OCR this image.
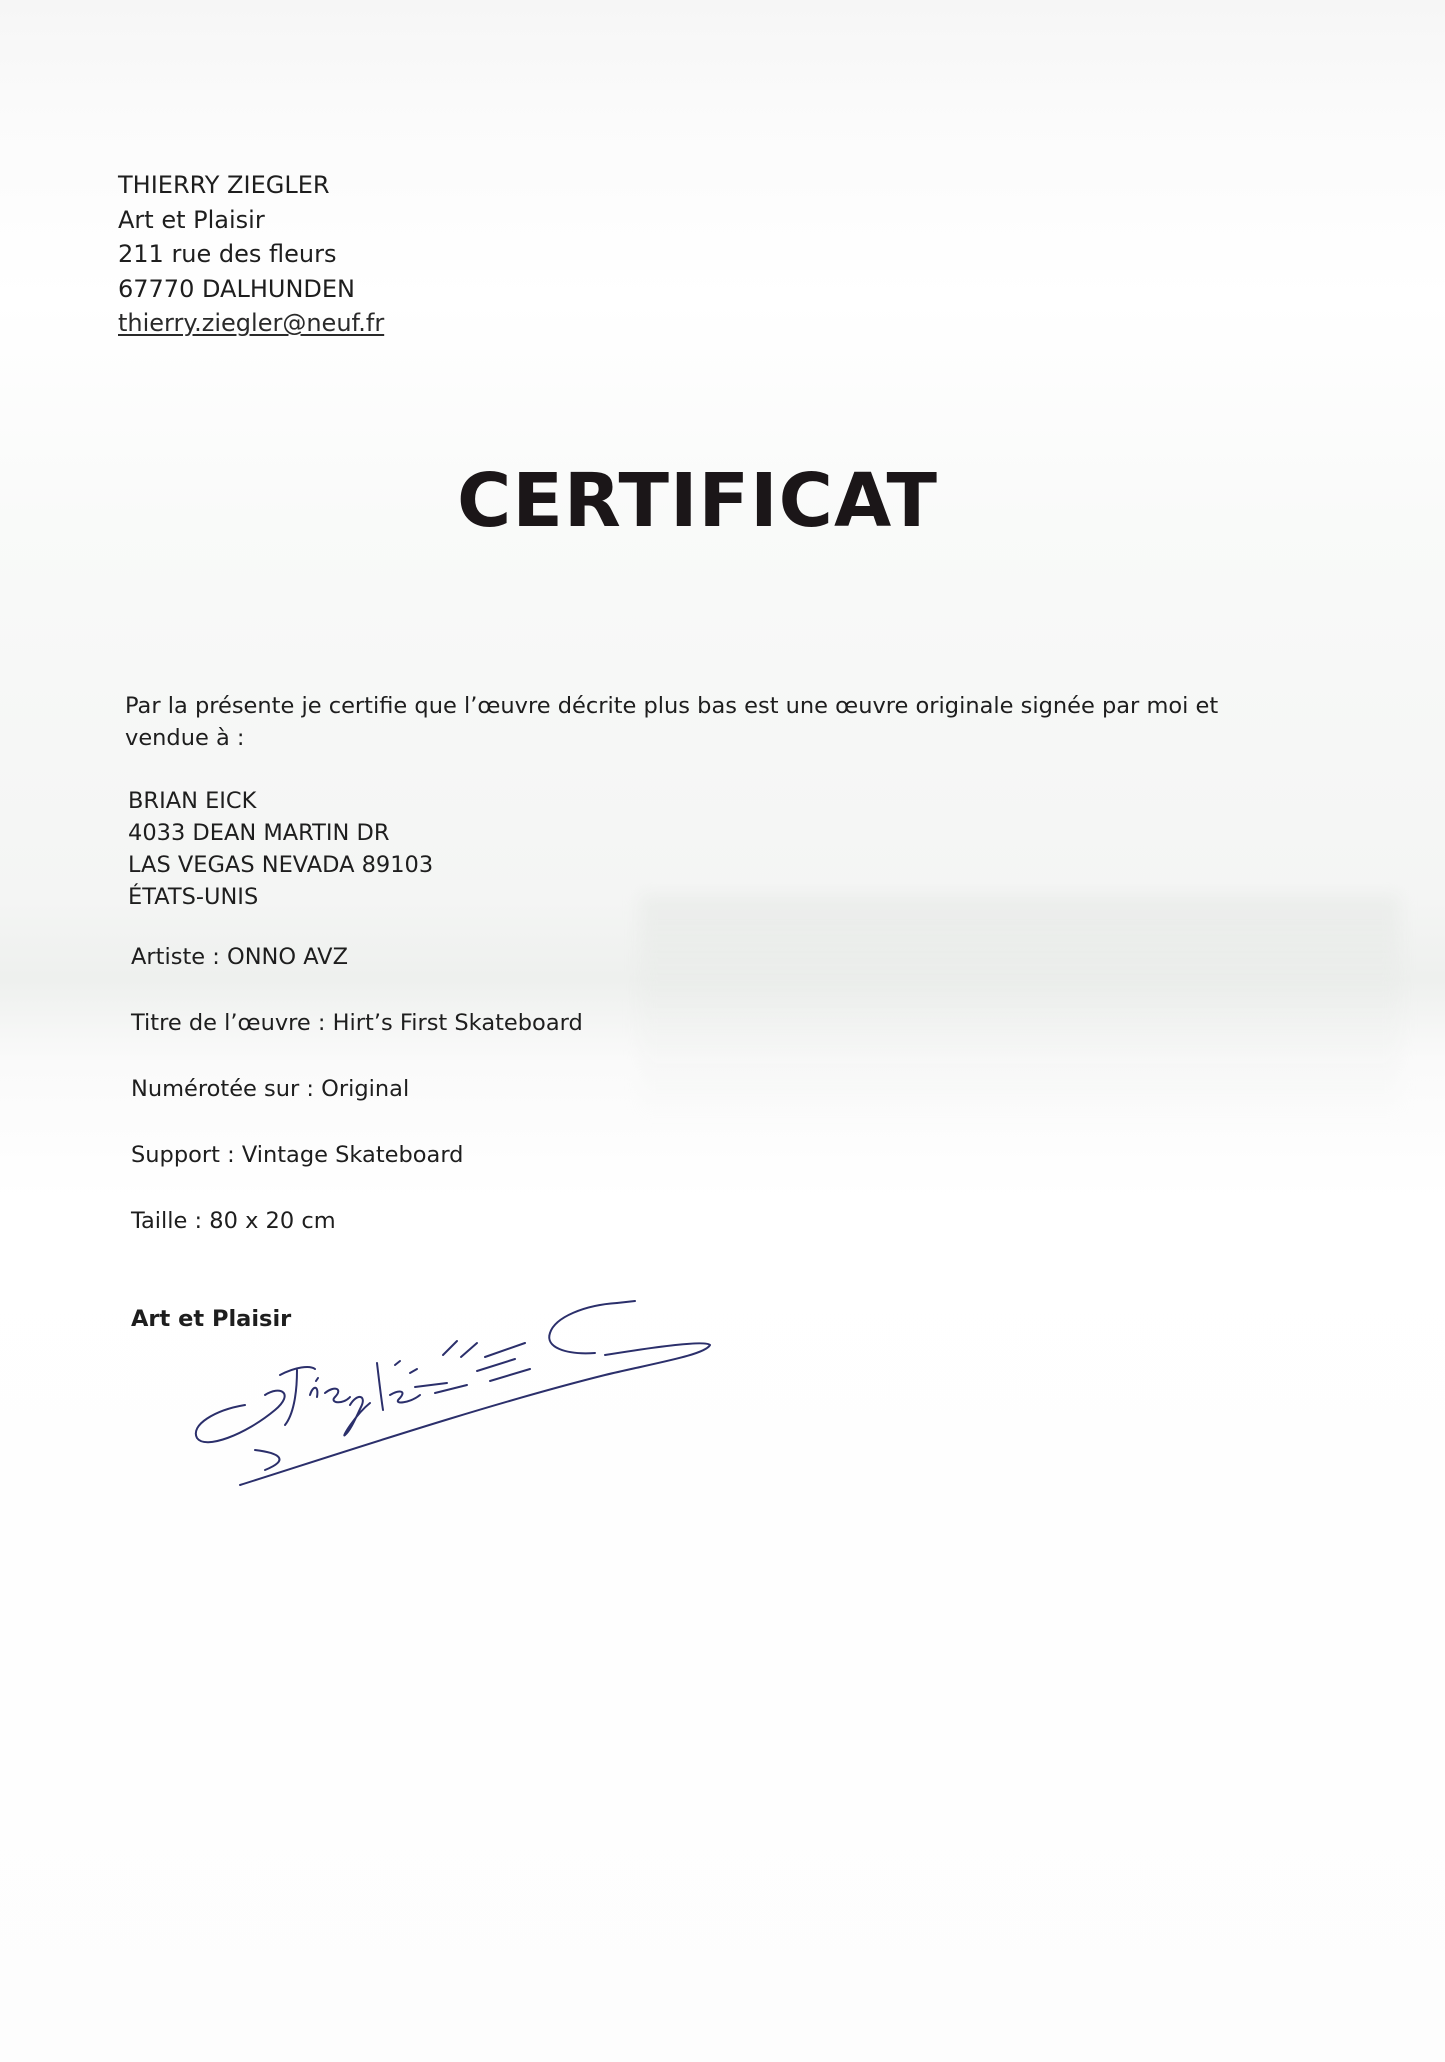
THIERRY ZIEGLER
Art et Plaisir
211 rue des fleurs
67770 DALHUNDEN
thierry.ziegler@neuf.fr
CERTIFICAT
Par la présente je certifie que l’œuvre décrite plus bas est une œuvre originale signée par moi et vendue à :
BRIAN EICK
4033 DEAN MARTIN DR
LAS VEGAS NEVADA 89103
ÉTATS-UNIS
Artiste : ONNO AVZ
Titre de l’œuvre : Hirt’s First Skateboard
Numérotée sur : Original
Support : Vintage Skateboard
Taille : 80 x 20 cm
Art et Plaisir
